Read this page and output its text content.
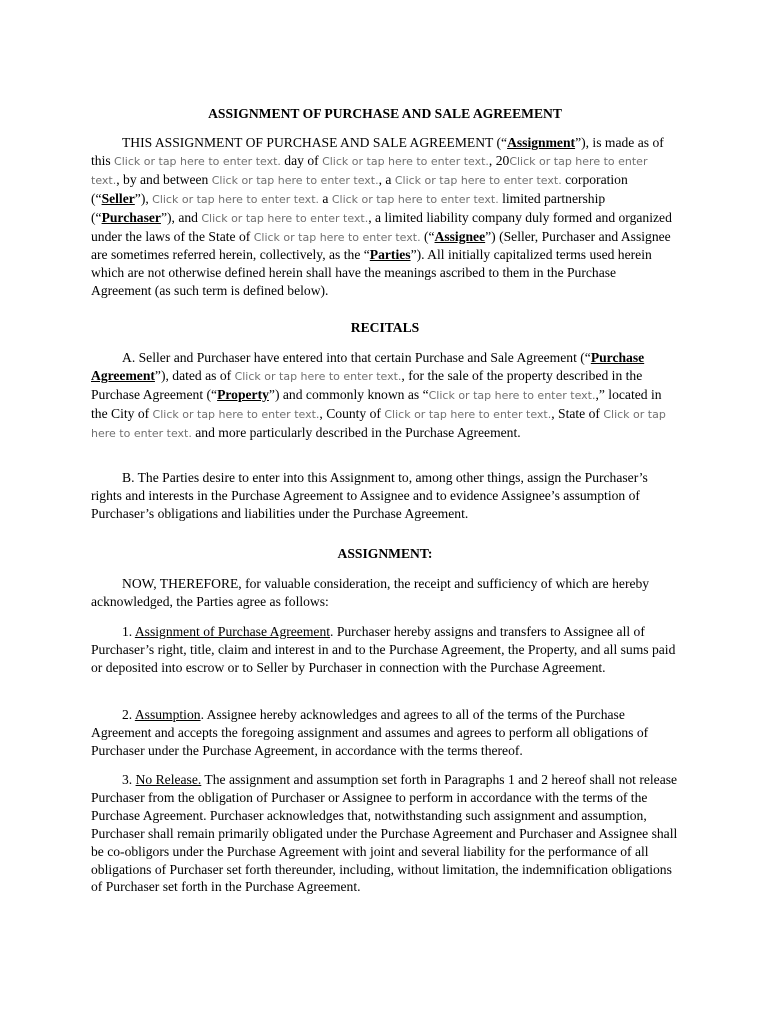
ASSIGNMENT OF PURCHASE AND SALE AGREEMENT

THIS ASSIGNMENT OF PURCHASE AND SALE AGREEMENT (“Assignment”), is made as of this Click or tap here to enter text. day of Click or tap here to enter text., 20Click or tap here to enter text., by and between Click or tap here to enter text., a Click or tap here to enter text. corporation (“Seller”), Click or tap here to enter text. a Click or tap here to enter text. limited partnership (“Purchaser”), and Click or tap here to enter text., a limited liability company duly formed and organized under the laws of the State of Click or tap here to enter text. (“Assignee”) (Seller, Purchaser and Assignee are sometimes referred herein, collectively, as the “Parties”). All initially capitalized terms used herein which are not otherwise defined herein shall have the meanings ascribed to them in the Purchase Agreement (as such term is defined below).

RECITALS

A. Seller and Purchaser have entered into that certain Purchase and Sale Agreement (“Purchase Agreement”), dated as of Click or tap here to enter text., for the sale of the property described in the Purchase Agreement (“Property”) and commonly known as “Click or tap here to enter text.,” located in the City of Click or tap here to enter text., County of Click or tap here to enter text., State of Click or tap here to enter text. and more particularly described in the Purchase Agreement.

B. The Parties desire to enter into this Assignment to, among other things, assign the Purchaser’s rights and interests in the Purchase Agreement to Assignee and to evidence Assignee’s assumption of Purchaser’s obligations and liabilities under the Purchase Agreement.

ASSIGNMENT:

NOW, THEREFORE, for valuable consideration, the receipt and sufficiency of which are hereby acknowledged, the Parties agree as follows:

1. Assignment of Purchase Agreement. Purchaser hereby assigns and transfers to Assignee all of Purchaser’s right, title, claim and interest in and to the Purchase Agreement, the Property, and all sums paid or deposited into escrow or to Seller by Purchaser in connection with the Purchase Agreement.

2. Assumption. Assignee hereby acknowledges and agrees to all of the terms of the Purchase Agreement and accepts the foregoing assignment and assumes and agrees to perform all obligations of Purchaser under the Purchase Agreement, in accordance with the terms thereof.

3. No Release. The assignment and assumption set forth in Paragraphs 1 and 2 hereof shall not release Purchaser from the obligation of Purchaser or Assignee to perform in accordance with the terms of the Purchase Agreement. Purchaser acknowledges that, notwithstanding such assignment and assumption, Purchaser shall remain primarily obligated under the Purchase Agreement and Purchaser and Assignee shall be co-obligors under the Purchase Agreement with joint and several liability for the performance of all obligations of Purchaser set forth thereunder, including, without limitation, the indemnification obligations of Purchaser set forth in the Purchase Agreement.
